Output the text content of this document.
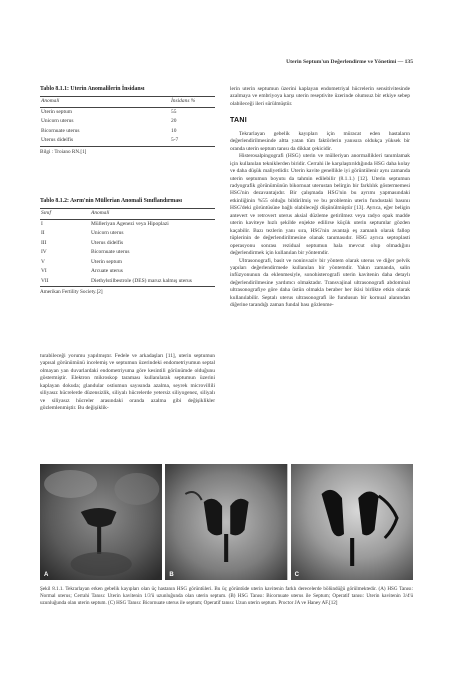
Uterin Septum'un Değerlendirme ve Yönetimi — 135
Tablo 8.1.1: Uterin Anomalilerin İnsidansı
Anomali	İnsidans %
Uterin septum	55
Unicorn uterus	20
Bicornuate uterus	10
Uterus didelfis	5-7
Bilgi : Troiano RN.[1]
Tablo 8.1.2: Asrm'nin Müllerian Anomali Sınıflandırması
Sınıf	Anomali
I	Mülleriyan Agenezi veya Hipoplazi
II	Unicorn uterus
III	Uterus didelfis
IV	Bicornuate uterus
V	Uterin septum
VI	Arcuate uterus
VII	Diethylstilbestrole (DES) maruz kalmış uterus
Amerikan Fertility Society.[2]

turabileceği yorumu yapılmıştır. Fedele ve arkadaşları [11], uterin septumun yapısal görünümünü incelemiş ve septumun üzerindeki endometriyumun septal olmayan yan duvarlardaki endometriyuma göre kesintili görünümde olduğunu göstermiştir. Elektron mikroskop taraması kullanılarak septumun üzerini kaplayan dokuda; glandular ostiumun sayısında azalma, seyrek microvillili siliyasız hücrelerde düzensizlik, siliyalı hücrelerde yetersiz siliyogenez, siliyalı ve siliyasız hücreler arasındaki oranda azalma gibi değişiklikler gözlemlenmiştir. Bu değişiklik-

lerin uterin septumun üzerini kaplayan endometriyal hücrelerin sensitivitesinde azalmaya ve embriyoya karşı uterin reseptivite üzerinde olumsuz bir etkiye sebep olabileceği ileri sürülmüştür.

TANI

Tekrarlayan gebelik kayıpları için müracat eden hastaların değerlendirilmesinde altta yatan tüm faktörlerin yanısıra oldukça yüksek bir oranda uterin septum tanısı da dikkat çekicidir.

Histerosalpingografi (HSG) uterin ve mülleriyan anormallikleri tanımlamak için kullanılan tekniklerden biridir. Cerrahi ile karşılaştırıldığında HSG daha kolay ve daha düşük maliyetlidir. Uterin kavite genellikle iyi görüntülenir aynı zamanda uterin septumun boyutu da tahmin edilebilir (8.1.1.) [12]. Uterin septumun radyografik görünümünün bikornuat uterustan belirgin bir farklılık göstermemesi HSG'nin dezavantajıdır. Bir çalışmada HSG'nin bu ayrımı yapmasındaki etkinliğinin %55 olduğu bildirilmiş ve bu problemin uterin fundustaki basınıı HSG'deki görüntüsüne bağlı olabileceği düşünülmüştür [13]. Ayrıca, eğer beligin antevert ve retrovert uterus aksial düzleme getirilmez veya radyo opak madde uterin kaviteye hızlı şekilde enjekte edilirse küçük uterin septumlar gözden kaçabilir. Bazı tezlerin yanı sıra, HSG'nin avantajı eş zamanlı olarak fallop tüplerinin de değerlendirilmesine olanak tanımasıdır. HSG ayrıca septoplasti operasyonu sonrası rezidual septumun hala mevcut olup olmadığını değerlendirmek için kullanılan bir yöntemdir.

Ultrasonografi, basit ve noninvaziv bir yöntem olarak uterus ve diğer pelvik yapıları değerlendirmede kullanılan bir yöntemdir. Yakın zamanda, salin infüzyonunun da eklenmesiyle, sonohisterografi uterin kavitenin daha detaylı değerlendirilmesine yardımcı olmaktadır. Transvajinal ultrasonografi abdominal ultrasonografiye göre daha üstün olmakla beraber her ikisi birlikte etkin olarak kullanılabilir. Septalı uterus ultrasonografi ile fundusun bir kornual alanından diğerine tarandığı zaman fundal bası gözlenme-

A	B	C
Şekil 8.1.1. Tekrarlayan erken gebelik kayıpları olan üç hastanın HSG görüntüleri. Bu üç görüntüde uterin kavitenin farklı derecelerde bölündüğü görülmektedir. (A) HSG Tanısı: Normal uterus; Cerrahi Tanısı: Uterin kavitenin 1/3'ü uzunluğunda olan uterin septum. (B) HSG Tanısı: Bicornuate uterus ile Septum; Operatif tanısı: Uterin kavitenin 3/4'ü uzunluğunda olan uterin septum. (C) HSG Tanısı: Bicornuate uterus ile septum; Operatif tanısı: Uzun uterin septum. Proctor JA ve Haney AF.[12]
